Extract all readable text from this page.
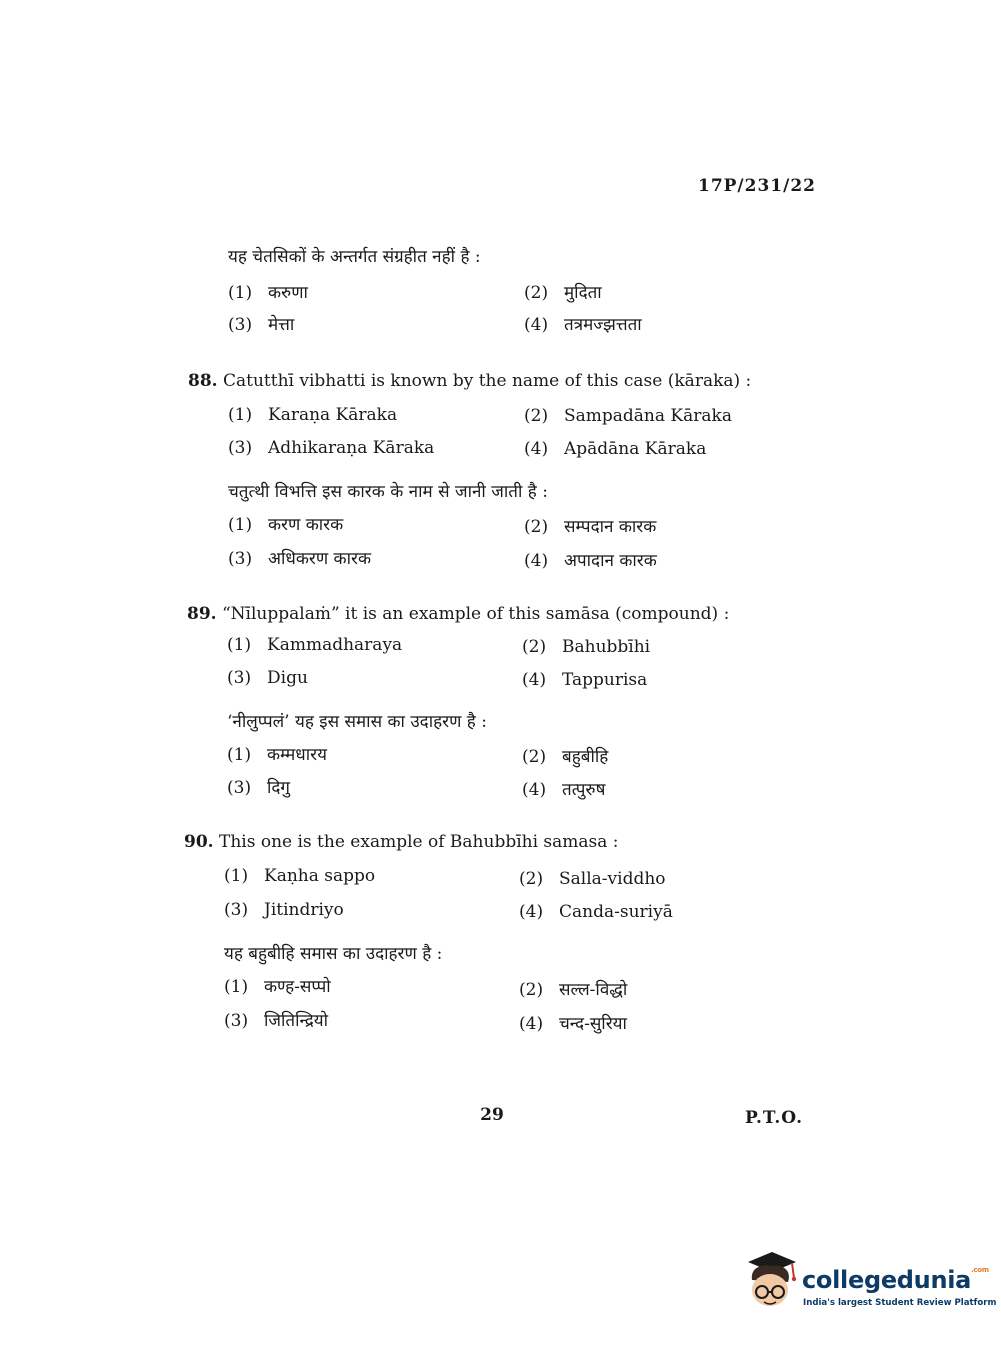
17P/231/22
यह चेतसिकों के अन्तर्गत संग्रहीत नहीं है :
(1) करुणा	(2) मुदिता
(3) मेत्ता	(4) तत्रमज्झत्तता
88. Catutthī vibhatti is known by the name of this case (kāraka) :
(1) Karaṇa Kāraka	(2) Sampadāna Kāraka
(3) Adhikaraṇa Kāraka	(4) Apādāna Kāraka
चतुत्थी विभत्ति इस कारक के नाम से जानी जाती है :
(1) करण कारक	(2) सम्पदान कारक
(3) अधिकरण कारक	(4) अपादान कारक
89. “Nīluppalaṁ” it is an example of this samāsa (compound) :
(1) Kammadharaya	(2) Bahubbīhi
(3) Digu	(4) Tappurisa
‘नीलुप्पलं’ यह इस समास का उदाहरण है :
(1) कम्मधारय	(2) बहुबीहि
(3) दिगु	(4) तत्पुरुष
90. This one is the example of Bahubbīhi samasa :
(1) Kaṇha sappo	(2) Salla-viddho
(3) Jitindriyo	(4) Canda-suriyā
यह बहुबीहि समास का उदाहरण है :
(1) कण्ह-सप्पो	(2) सल्ल-विद्धो
(3) जितिन्द्रियो	(4) चन्द-सुरिया
29	P.T.O.
collegedunia$^{.com}$
India's largest Student Review Platform
